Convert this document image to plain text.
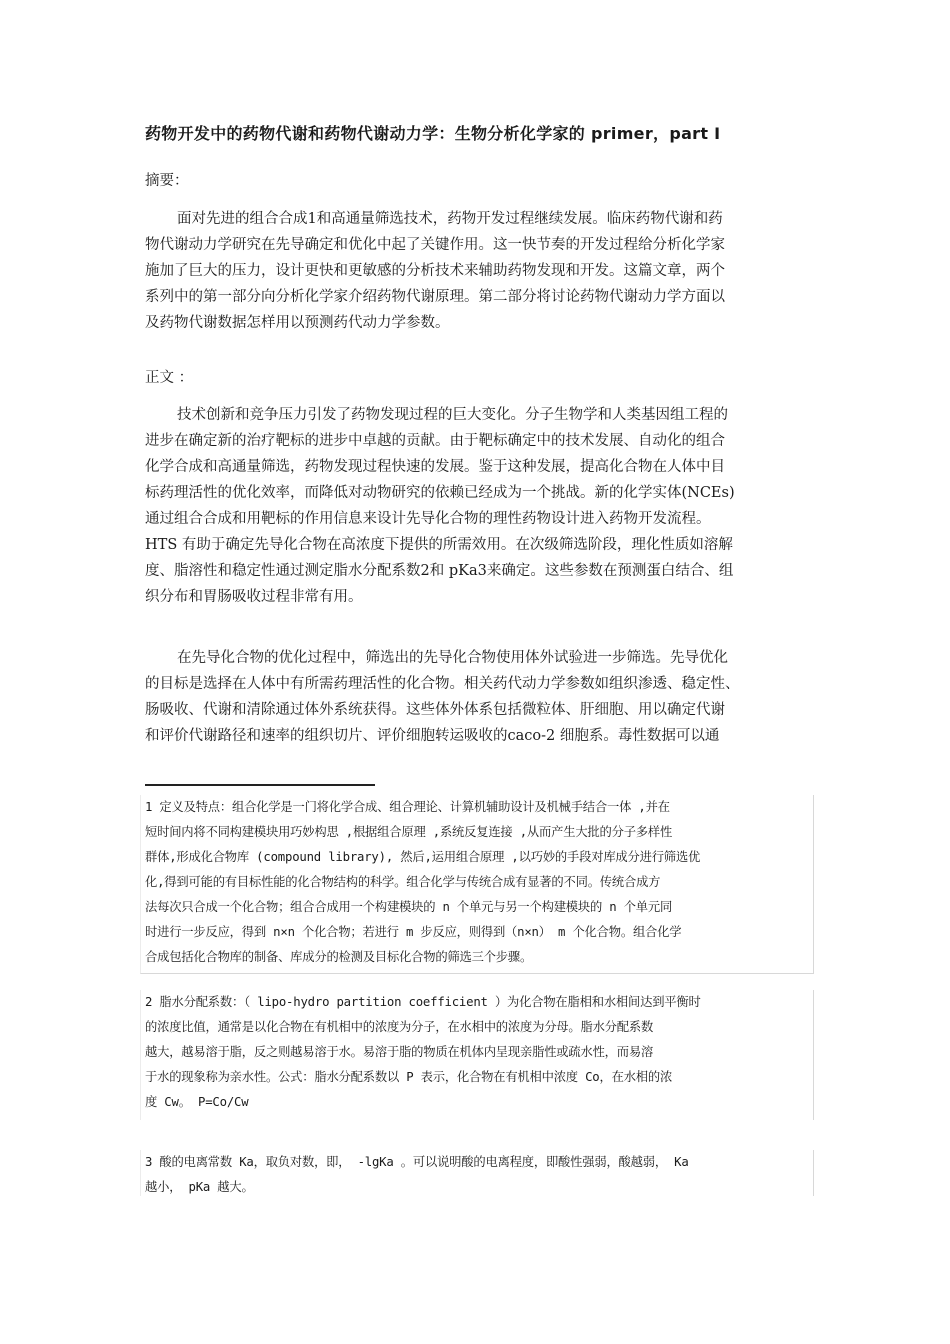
药物开发中的药物代谢和药物代谢动力学：生物分析化学家的 primer，part Ⅰ
摘要：
面对先进的组合合成1和高通量筛选技术，药物开发过程继续发展。临床药物代谢和药
物代谢动力学研究在先导确定和优化中起了关键作用。这一快节奏的开发过程给分析化学家
施加了巨大的压力，设计更快和更敏感的分析技术来辅助药物发现和开发。这篇文章，两个
系列中的第一部分向分析化学家介绍药物代谢原理。第二部分将讨论药物代谢动力学方面以
及药物代谢数据怎样用以预测药代动力学参数。
正文 ：
技术创新和竞争压力引发了药物发现过程的巨大变化。分子生物学和人类基因组工程的
进步在确定新的治疗靶标的进步中卓越的贡献。由于靶标确定中的技术发展、自动化的组合
化学合成和高通量筛选，药物发现过程快速的发展。鉴于这种发展，提高化合物在人体中目
标药理活性的优化效率，而降低对动物研究的依赖已经成为一个挑战。新的化学实体(NCEs)
通过组合合成和用靶标的作用信息来设计先导化合物的理性药物设计进入药物开发流程。
HTS 有助于确定先导化合物在高浓度下提供的所需效用。在次级筛选阶段，理化性质如溶解
度、脂溶性和稳定性通过测定脂水分配系数2和 pKa3来确定。这些参数在预测蛋白结合、组
织分布和胃肠吸收过程非常有用。
在先导化合物的优化过程中，筛选出的先导化合物使用体外试验进一步筛选。先导优化
的目标是选择在人体中有所需药理活性的化合物。相关药代动力学参数如组织渗透、稳定性、
肠吸收、代谢和清除通过体外系统获得。这些体外体系包括微粒体、肝细胞、用以确定代谢
和评价代谢路径和速率的组织切片、评价细胞转运吸收的caco-2 细胞系。毒性数据可以通
1 定义及特点：组合化学是一门将化学合成、组合理论、计算机辅助设计及机械手结合一体 ,并在
短时间内将不同构建模块用巧妙构思 ,根据组合原理 ,系统反复连接 ,从而产生大批的分子多样性
群体,形成化合物库 (compound library), 然后,运用组合原理 ,以巧妙的手段对库成分进行筛选优
化,得到可能的有目标性能的化合物结构的科学。组合化学与传统合成有显著的不同。传统合成方
法每次只合成一个化合物；组合合成用一个构建模块的 n 个单元与另一个构建模块的 n 个单元同
时进行一步反应，得到 n×n 个化合物；若进行 m 步反应，则得到（n×n） m 个化合物。组合化学
合成包括化合物库的制备、库成分的检测及目标化合物的筛选三个步骤。
2 脂水分配系数：（ lipo-hydro partition coefficient ）为化合物在脂相和水相间达到平衡时
的浓度比值，通常是以化合物在有机相中的浓度为分子，在水相中的浓度为分母。脂水分配系数
越大，越易溶于脂，反之则越易溶于水。易溶于脂的物质在机体内呈现亲脂性或疏水性，而易溶
于水的现象称为亲水性。公式：脂水分配系数以 P 表示，化合物在有机相中浓度 Co，在水相的浓
度 Cw。 P=Co/Cw
3 酸的电离常数 Ka，取负对数，即， -lgKa 。可以说明酸的电离程度，即酸性强弱，酸越弱， Ka
越小， pKa 越大。
